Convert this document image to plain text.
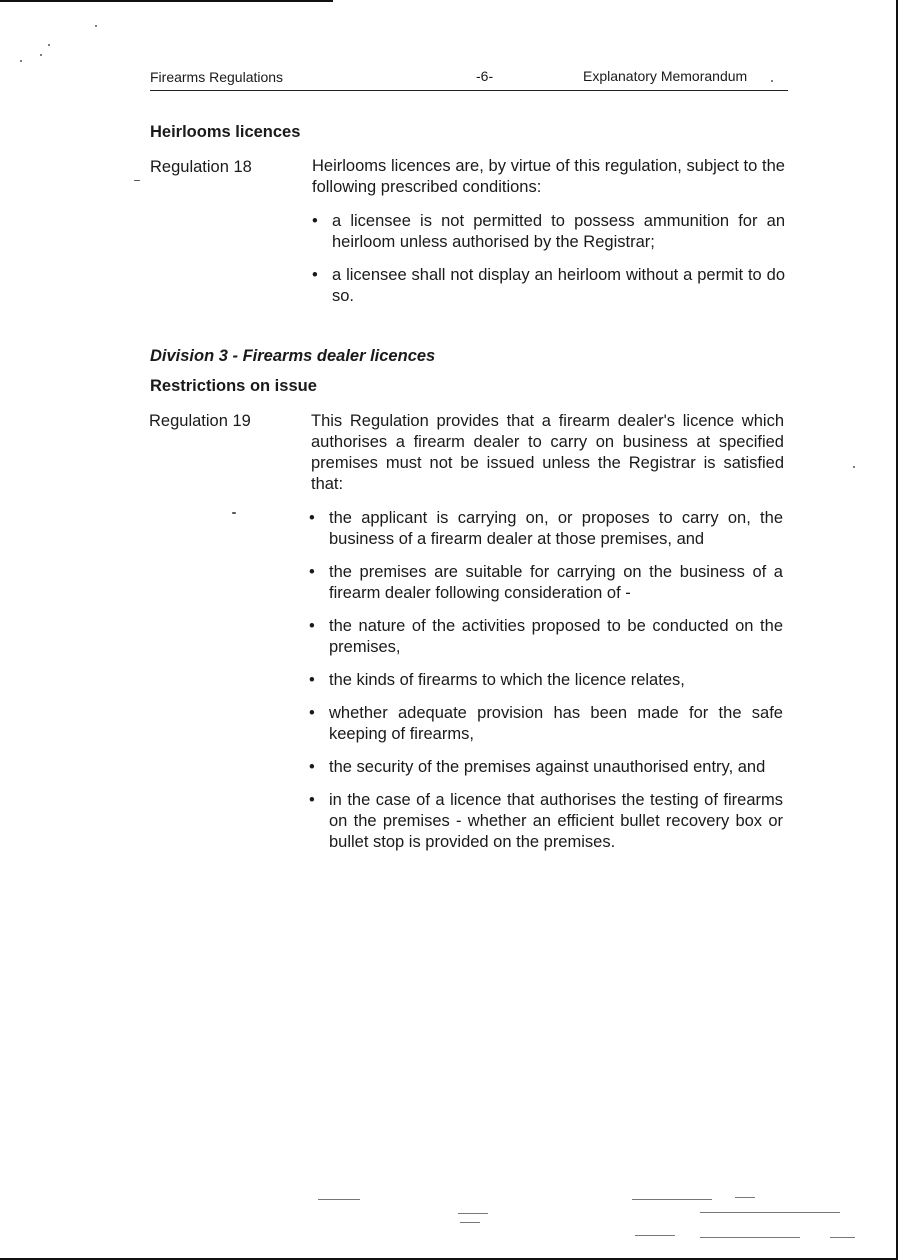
Firearms Regulations	-6-	Explanatory Memorandum
Heirlooms licences
Regulation 18	Heirlooms licences are, by virtue of this regulation, subject to the following prescribed conditions:
• a licensee is not permitted to possess ammunition for an heirloom unless authorised by the Registrar;
• a licensee shall not display an heirloom without a permit to do so.
Division 3 - Firearms dealer licences
Restrictions on issue
Regulation 19	This Regulation provides that a firearm dealer's licence which authorises a firearm dealer to carry on business at specified premises must not be issued unless the Registrar is satisfied that:
• the applicant is carrying on, or proposes to carry on, the business of a firearm dealer at those premises, and
• the premises are suitable for carrying on the business of a firearm dealer following consideration of -
• the nature of the activities proposed to be conducted on the premises,
• the kinds of firearms to which the licence relates,
• whether adequate provision has been made for the safe keeping of firearms,
• the security of the premises against unauthorised entry, and
• in the case of a licence that authorises the testing of firearms on the premises - whether an efficient bullet recovery box or bullet stop is provided on the premises.
